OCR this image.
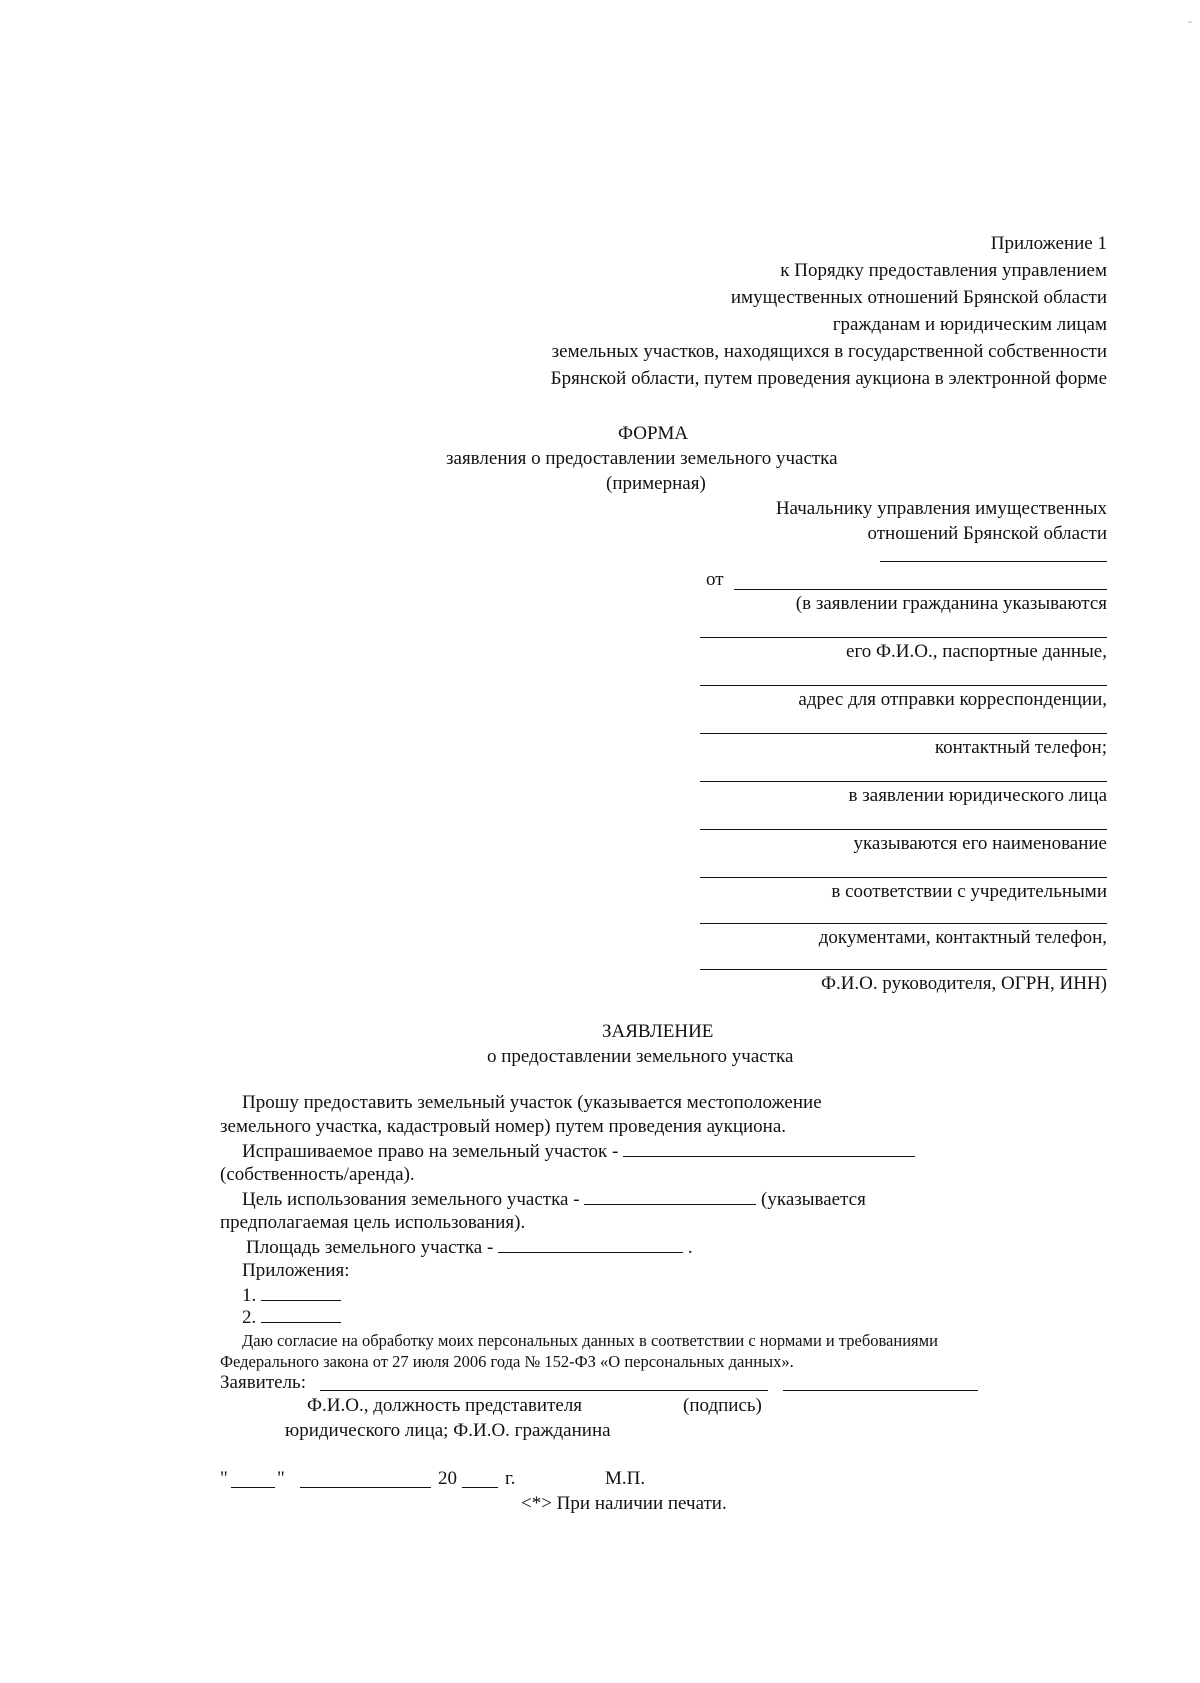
-
Приложение 1
к Порядку предоставления управлением
имущественных отношений Брянской области
гражданам и юридическим лицам
земельных участков, находящихся в государственной собственности
Брянской области, путем проведения аукциона в электронной форме
ФОРМА
заявления о предоставлении земельного участка
(примерная)
Начальнику управления имущественных
отношений Брянской области
от
(в заявлении гражданина указываются
его Ф.И.О., паспортные данные,
адрес для отправки корреспонденции,
контактный телефон;
в заявлении юридического лица
указываются его наименование
в соответствии с учредительными
документами, контактный телефон,
Ф.И.О. руководителя, ОГРН, ИНН)
ЗАЯВЛЕНИЕ
о предоставлении земельного участка
Прошу предоставить земельный участок (указывается местоположение
земельного участка, кадастровый номер) путем проведения аукциона.
Испрашиваемое право на земельный участок -
(собственность/аренда).
Цель использования земельного участка -	(указывается
предполагаемая цель использования).
Площадь земельного участка -	.
Приложения:
1.
2.
Даю согласие на обработку моих персональных данных в соответствии с нормами и требованиями
Федерального закона от 27 июля 2006 года № 152-ФЗ «О персональных данных».
Заявитель:
Ф.И.О., должность представителя	(подпись)
юридического лица; Ф.И.О. гражданина
"	"	20	г.	М.П.
<*> При наличии печати.
